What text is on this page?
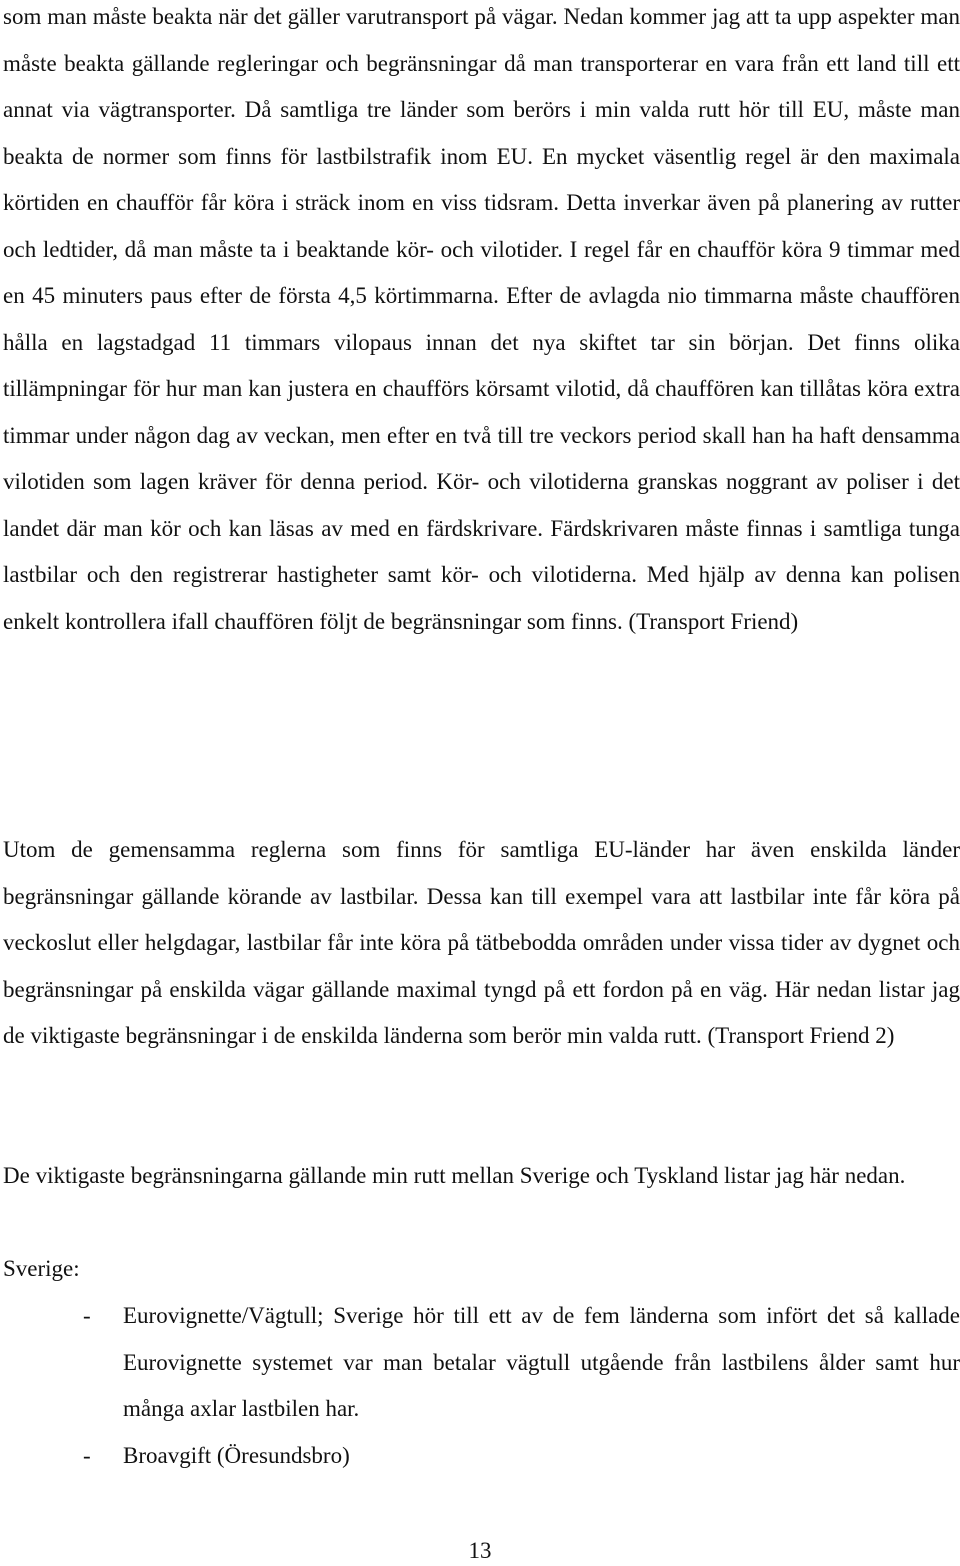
som man måste beakta när det gäller varutransport på vägar. Nedan kommer jag att ta upp aspekter man måste beakta gällande regleringar och begränsningar då man transporterar en vara från ett land till ett annat via vägtransporter. Då samtliga tre länder som berörs i min valda rutt hör till EU, måste man beakta de normer som finns för lastbilstrafik inom EU. En mycket väsentlig regel är den maximala körtiden en chaufför får köra i sträck inom en viss tidsram. Detta inverkar även på planering av rutter och ledtider, då man måste ta i beaktande kör- och vilotider. I regel får en chaufför köra 9 timmar med en 45 minuters paus efter de första 4,5 körtimmarna. Efter de avlagda nio timmarna måste chauffören hålla en lagstadgad 11 timmars vilopaus innan det nya skiftet tar sin början. Det finns olika tillämpningar för hur man kan justera en chaufförs körsamt vilotid, då chauffören kan tillåtas köra extra timmar under någon dag av veckan, men efter en två till tre veckors period skall han ha haft densamma vilotiden som lagen kräver för denna period. Kör- och vilotiderna granskas noggrant av poliser i det landet där man kör och kan läsas av med en färdskrivare. Färdskrivaren måste finnas i samtliga tunga lastbilar och den registrerar hastigheter samt kör- och vilotiderna. Med hjälp av denna kan polisen enkelt kontrollera ifall chauffören följt de begränsningar som finns. (Transport Friend)

Utom de gemensamma reglerna som finns för samtliga EU-länder har även enskilda länder begränsningar gällande körande av lastbilar. Dessa kan till exempel vara att lastbilar inte får köra på veckoslut eller helgdagar, lastbilar får inte köra på tätbebodda områden under vissa tider av dygnet och begränsningar på enskilda vägar gällande maximal tyngd på ett fordon på en väg. Här nedan listar jag de viktigaste begränsningar i de enskilda länderna som berör min valda rutt. (Transport Friend 2)

De viktigaste begränsningarna gällande min rutt mellan Sverige och Tyskland listar jag här nedan.

Sverige:

- Eurovignette/Vägtull; Sverige hör till ett av de fem länderna som infört det så kallade Eurovignette systemet var man betalar vägtull utgående från lastbilens ålder samt hur många axlar lastbilen har.

- Broavgift (Öresundsbro)

13
